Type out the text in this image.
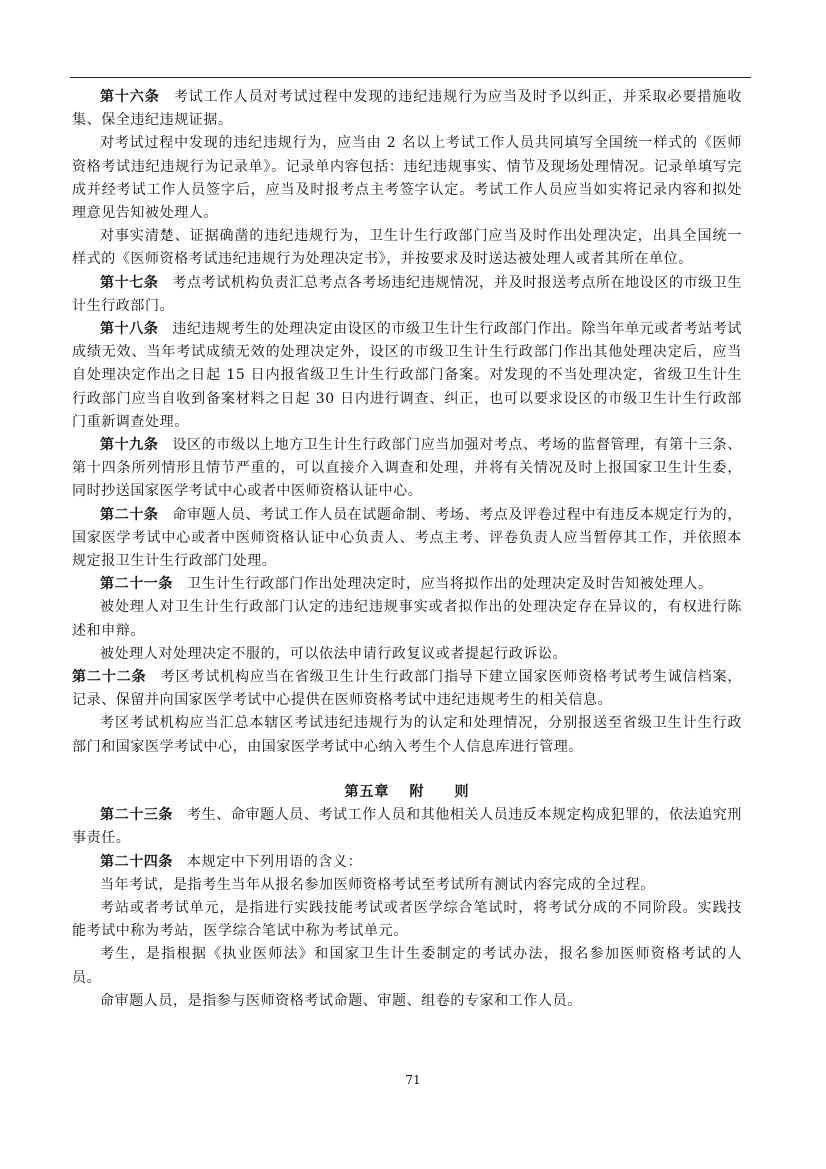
第十六条 考试工作人员对考试过程中发现的违纪违规行为应当及时予以纠正，并采取必要措施收集、保全违纪违规证据。

对考试过程中发现的违纪违规行为，应当由 2 名以上考试工作人员共同填写全国统一样式的《医师资格考试违纪违规行为记录单》。记录单内容包括：违纪违规事实、情节及现场处理情况。记录单填写完成并经考试工作人员签字后，应当及时报考点主考签字认定。考试工作人员应当如实将记录内容和拟处理意见告知被处理人。

对事实清楚、证据确凿的违纪违规行为，卫生计生行政部门应当及时作出处理决定，出具全国统一样式的《医师资格考试违纪违规行为处理决定书》，并按要求及时送达被处理人或者其所在单位。

第十七条 考点考试机构负责汇总考点各考场违纪违规情况，并及时报送考点所在地设区的市级卫生计生行政部门。

第十八条 违纪违规考生的处理决定由设区的市级卫生计生行政部门作出。除当年单元或者考站考试成绩无效、当年考试成绩无效的处理决定外，设区的市级卫生计生行政部门作出其他处理决定后，应当自处理决定作出之日起 15 日内报省级卫生计生行政部门备案。对发现的不当处理决定，省级卫生计生行政部门应当自收到备案材料之日起 30 日内进行调查、纠正，也可以要求设区的市级卫生计生行政部门重新调查处理。

第十九条 设区的市级以上地方卫生计生行政部门应当加强对考点、考场的监督管理，有第十三条、第十四条所列情形且情节严重的，可以直接介入调查和处理，并将有关情况及时上报国家卫生计生委，同时抄送国家医学考试中心或者中医师资格认证中心。

第二十条 命审题人员、考试工作人员在试题命制、考场、考点及评卷过程中有违反本规定行为的，国家医学考试中心或者中医师资格认证中心负责人、考点主考、评卷负责人应当暂停其工作，并依照本规定报卫生计生行政部门处理。

第二十一条 卫生计生行政部门作出处理决定时，应当将拟作出的处理决定及时告知被处理人。

被处理人对卫生计生行政部门认定的违纪违规事实或者拟作出的处理决定存在异议的，有权进行陈述和申辩。

被处理人对处理决定不服的，可以依法申请行政复议或者提起行政诉讼。

第二十二条 考区考试机构应当在省级卫生计生行政部门指导下建立国家医师资格考试考生诚信档案，记录、保留并向国家医学考试中心提供在医师资格考试中违纪违规考生的相关信息。

考区考试机构应当汇总本辖区考试违纪违规行为的认定和处理情况，分别报送至省级卫生计生行政部门和国家医学考试中心，由国家医学考试中心纳入考生个人信息库进行管理。

第五章 附　　则

第二十三条 考生、命审题人员、考试工作人员和其他相关人员违反本规定构成犯罪的，依法追究刑事责任。

第二十四条 本规定中下列用语的含义：

当年考试，是指考生当年从报名参加医师资格考试至考试所有测试内容完成的全过程。

考站或者考试单元，是指进行实践技能考试或者医学综合笔试时，将考试分成的不同阶段。实践技能考试中称为考站，医学综合笔试中称为考试单元。

考生，是指根据《执业医师法》和国家卫生计生委制定的考试办法，报名参加医师资格考试的人员。

命审题人员，是指参与医师资格考试命题、审题、组卷的专家和工作人员。

71
